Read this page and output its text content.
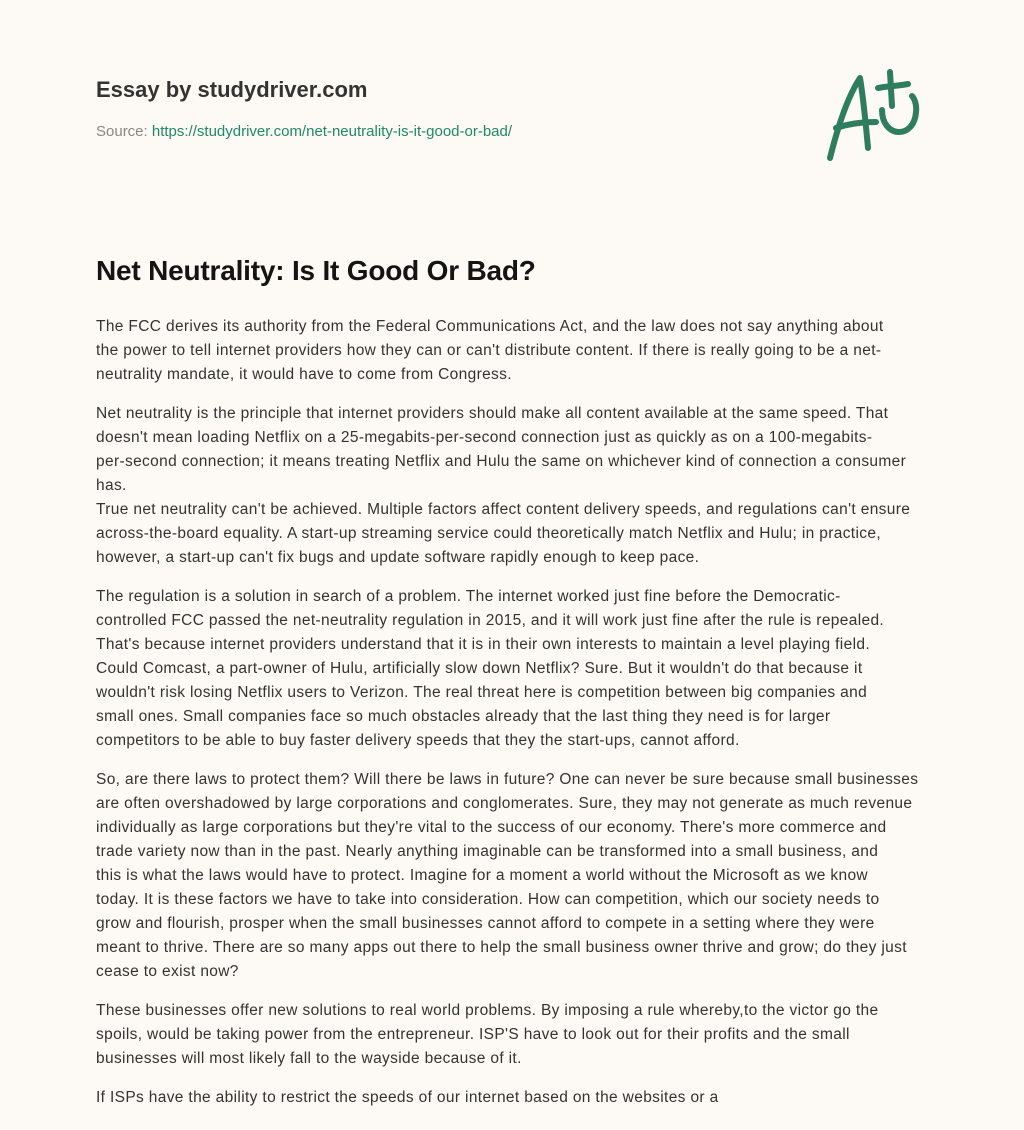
Essay by studydriver.com
Source: https://studydriver.com/net-neutrality-is-it-good-or-bad/
Net Neutrality: Is It Good Or Bad?

The FCC derives its authority from the Federal Communications Act, and the law does not say anything about
the power to tell internet providers how they can or can't distribute content. If there is really going to be a net-
neutrality mandate, it would have to come from Congress.

Net neutrality is the principle that internet providers should make all content available at the same speed. That
doesn't mean loading Netflix on a 25-megabits-per-second connection just as quickly as on a 100-megabits-
per-second connection; it means treating Netflix and Hulu the same on whichever kind of connection a consumer
has.
True net neutrality can't be achieved. Multiple factors affect content delivery speeds, and regulations can't ensure
across-the-board equality. A start-up streaming service could theoretically match Netflix and Hulu; in practice,
however, a start-up can't fix bugs and update software rapidly enough to keep pace.

The regulation is a solution in search of a problem. The internet worked just fine before the Democratic-
controlled FCC passed the net-neutrality regulation in 2015, and it will work just fine after the rule is repealed.
That's because internet providers understand that it is in their own interests to maintain a level playing field.
Could Comcast, a part-owner of Hulu, artificially slow down Netflix? Sure. But it wouldn't do that because it
wouldn't risk losing Netflix users to Verizon. The real threat here is competition between big companies and
small ones. Small companies face so much obstacles already that the last thing they need is for larger
competitors to be able to buy faster delivery speeds that they the start-ups, cannot afford.

So, are there laws to protect them? Will there be laws in future? One can never be sure because small businesses
are often overshadowed by large corporations and conglomerates. Sure, they may not generate as much revenue
individually as large corporations but they're vital to the success of our economy. There's more commerce and
trade variety now than in the past. Nearly anything imaginable can be transformed into a small business, and
this is what the laws would have to protect. Imagine for a moment a world without the Microsoft as we know
today. It is these factors we have to take into consideration. How can competition, which our society needs to
grow and flourish, prosper when the small businesses cannot afford to compete in a setting where they were
meant to thrive. There are so many apps out there to help the small business owner thrive and grow; do they just
cease to exist now?

These businesses offer new solutions to real world problems. By imposing a rule whereby,to the victor go the
spoils, would be taking power from the entrepreneur. ISP'S have to look out for their profits and the small
businesses will most likely fall to the wayside because of it.

If ISPs have the ability to restrict the speeds of our internet based on the websites or a
